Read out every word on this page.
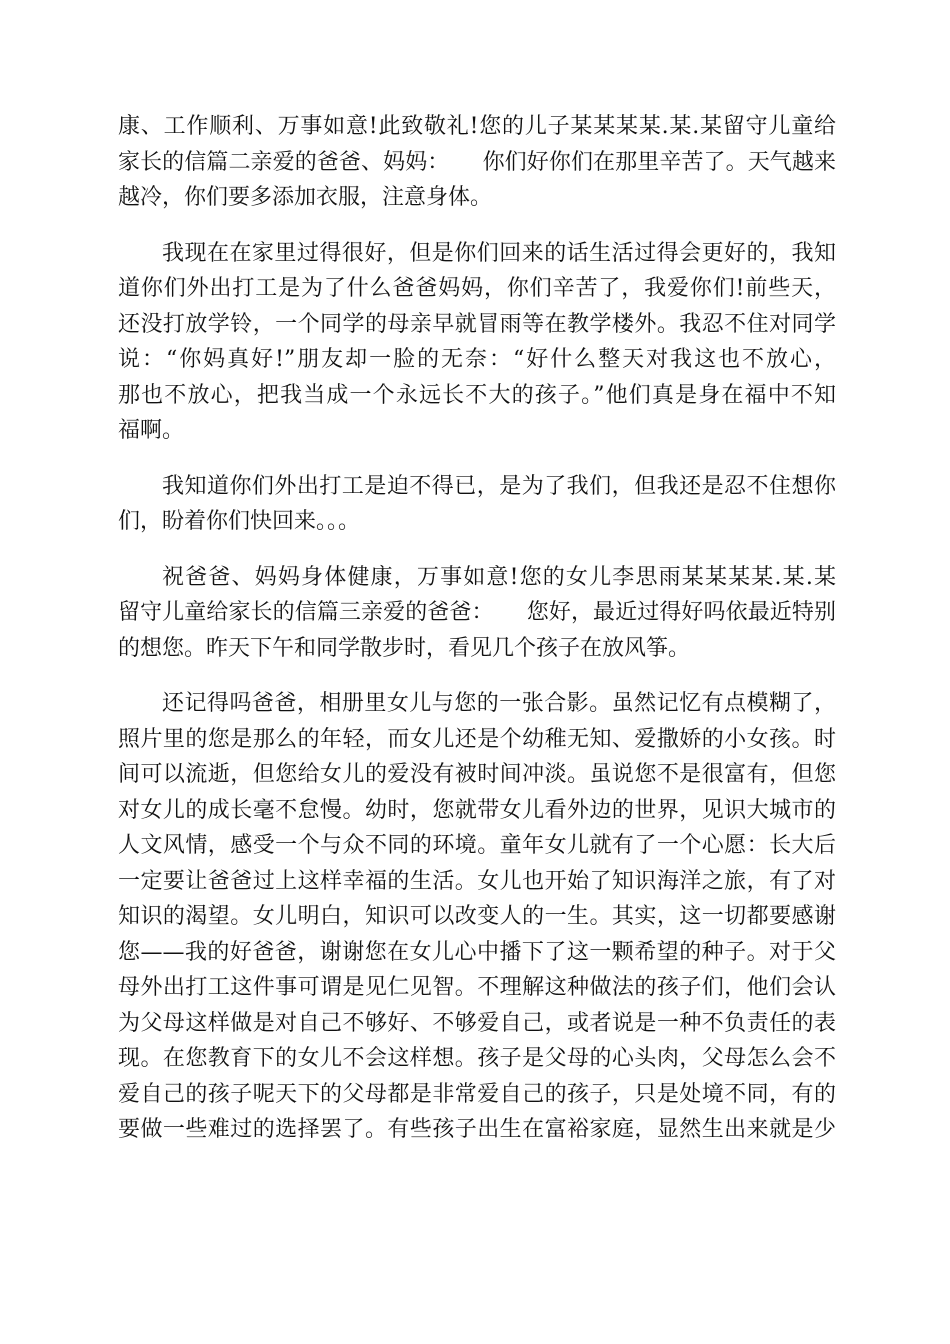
康、工作顺利、万事如意!此致敬礼!您的儿子某某某某.某.某留守儿童给
家长的信篇二亲爱的爸爸、妈妈：　　你们好你们在那里辛苦了。天气越来
越冷，你们要多添加衣服，注意身体。
我现在在家里过得很好，但是你们回来的话生活过得会更好的，我知
道你们外出打工是为了什么爸爸妈妈，你们辛苦了，我爱你们!前些天，
还没打放学铃，一个同学的母亲早就冒雨等在教学楼外。我忍不住对同学
说：“你妈真好!”朋友却一脸的无奈：“好什么整天对我这也不放心，
那也不放心，把我当成一个永远长不大的孩子。”他们真是身在福中不知
福啊。
我知道你们外出打工是迫不得已，是为了我们，但我还是忍不住想你
们，盼着你们快回来。。。
祝爸爸、妈妈身体健康，万事如意!您的女儿李思雨某某某某.某.某
留守儿童给家长的信篇三亲爱的爸爸：　　您好，最近过得好吗依最近特别
的想您。昨天下午和同学散步时，看见几个孩子在放风筝。
还记得吗爸爸，相册里女儿与您的一张合影。虽然记忆有点模糊了，
照片里的您是那么的年轻，而女儿还是个幼稚无知、爱撒娇的小女孩。时
间可以流逝，但您给女儿的爱没有被时间冲淡。虽说您不是很富有，但您
对女儿的成长毫不怠慢。幼时，您就带女儿看外边的世界，见识大城市的
人文风情，感受一个与众不同的环境。童年女儿就有了一个心愿：长大后
一定要让爸爸过上这样幸福的生活。女儿也开始了知识海洋之旅，有了对
知识的渴望。女儿明白，知识可以改变人的一生。其实，这一切都要感谢
您——我的好爸爸，谢谢您在女儿心中播下了这一颗希望的种子。对于父
母外出打工这件事可谓是见仁见智。不理解这种做法的孩子们，他们会认
为父母这样做是对自己不够好、不够爱自己，或者说是一种不负责任的表
现。在您教育下的女儿不会这样想。孩子是父母的心头肉，父母怎么会不
爱自己的孩子呢天下的父母都是非常爱自己的孩子，只是处境不同，有的
要做一些难过的选择罢了。有些孩子出生在富裕家庭，显然生出来就是少
